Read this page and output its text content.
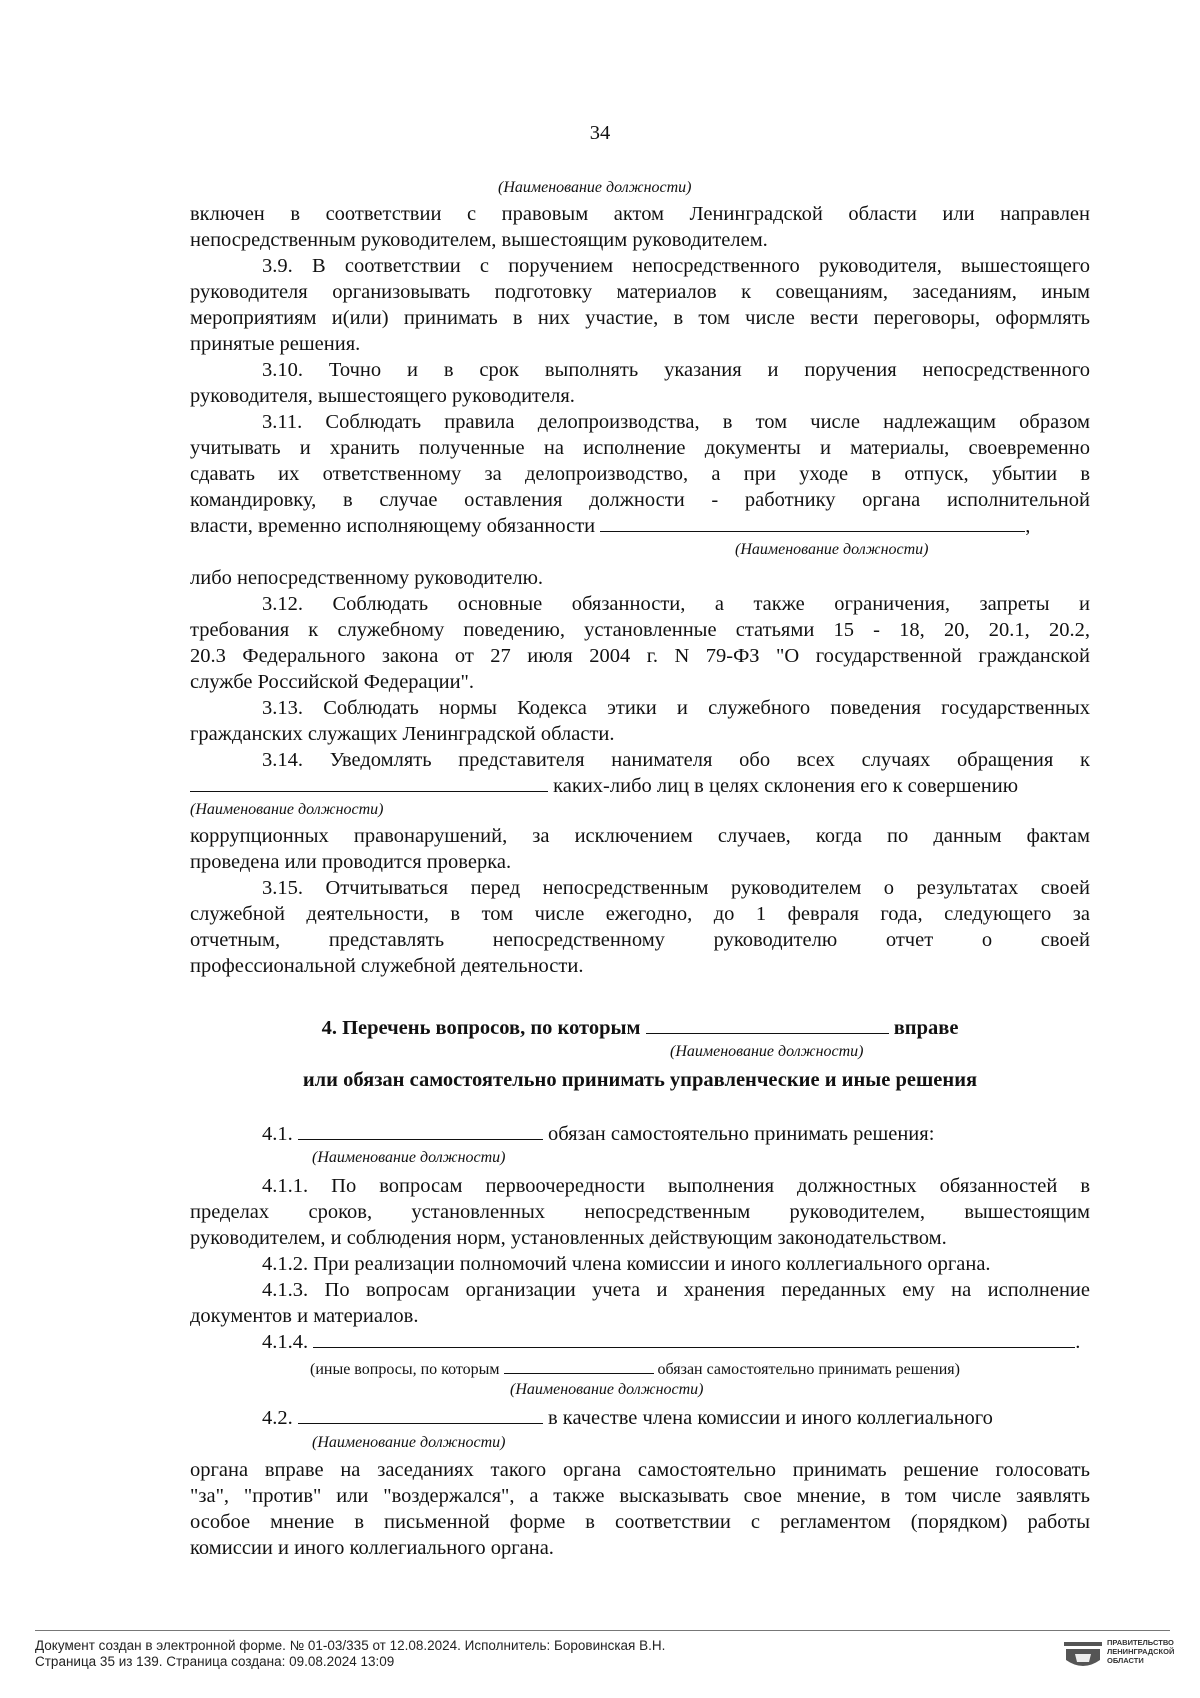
34
(Наименование должности)
включен в соответствии с правовым актом Ленинградской области или направлен
непосредственным руководителем, вышестоящим руководителем.
3.9. В соответствии с поручением непосредственного руководителя, вышестоящего
руководителя организовывать подготовку материалов к совещаниям, заседаниям, иным
мероприятиям и(или) принимать в них участие, в том числе вести переговоры, оформлять
принятые решения.
3.10. Точно и в срок выполнять указания и поручения непосредственного
руководителя, вышестоящего руководителя.
3.11. Соблюдать правила делопроизводства, в том числе надлежащим образом
учитывать и хранить полученные на исполнение документы и материалы, своевременно
сдавать их ответственному за делопроизводство, а при уходе в отпуск, убытии в
командировку, в случае оставления должности - работнику органа исполнительной
власти, временно исполняющему обязанности	,
(Наименование должности)
либо непосредственному руководителю.
3.12. Соблюдать основные обязанности, а также ограничения, запреты и
требования к служебному поведению, установленные статьями 15 - 18, 20, 20.1, 20.2,
20.3 Федерального закона от 27 июля 2004 г. N 79-ФЗ "О государственной гражданской
службе Российской Федерации".
3.13. Соблюдать нормы Кодекса этики и служебного поведения государственных
гражданских служащих Ленинградской области.
3.14. Уведомлять представителя нанимателя обо всех случаях обращения к
каких-либо лиц в целях склонения его к совершению
(Наименование должности)
коррупционных правонарушений, за исключением случаев, когда по данным фактам
проведена или проводится проверка.
3.15. Отчитываться перед непосредственным руководителем о результатах своей
служебной деятельности, в том числе ежегодно, до 1 февраля года, следующего за
отчетным, представлять непосредственному руководителю отчет о своей
профессиональной служебной деятельности.
4. Перечень вопросов, по которым	вправе
(Наименование должности)
или обязан самостоятельно принимать управленческие и иные решения
4.1.	обязан самостоятельно принимать решения:
(Наименование должности)
4.1.1. По вопросам первоочередности выполнения должностных обязанностей в
пределах сроков, установленных непосредственным руководителем, вышестоящим
руководителем, и соблюдения норм, установленных действующим законодательством.
4.1.2. При реализации полномочий члена комиссии и иного коллегиального органа.
4.1.3. По вопросам организации учета и хранения переданных ему на исполнение
документов и материалов.
4.1.4.	.
(иные вопросы, по которым	обязан самостоятельно принимать решения)
(Наименование должности)
4.2.	в качестве члена комиссии и иного коллегиального
(Наименование должности)
органа вправе на заседаниях такого органа самостоятельно принимать решение голосовать
"за", "против" или "воздержался", а также высказывать свое мнение, в том числе заявлять
особое мнение в письменной форме в соответствии с регламентом (порядком) работы
комиссии и иного коллегиального органа.
Документ создан в электронной форме. № 01-03/335 от 12.08.2024. Исполнитель: Боровинская В.Н.
Страница 35 из 139. Страница создана: 09.08.2024 13:09
ПРАВИТЕЛЬСТВО
ЛЕНИНГРАДСКОЙ
ОБЛАСТИ
